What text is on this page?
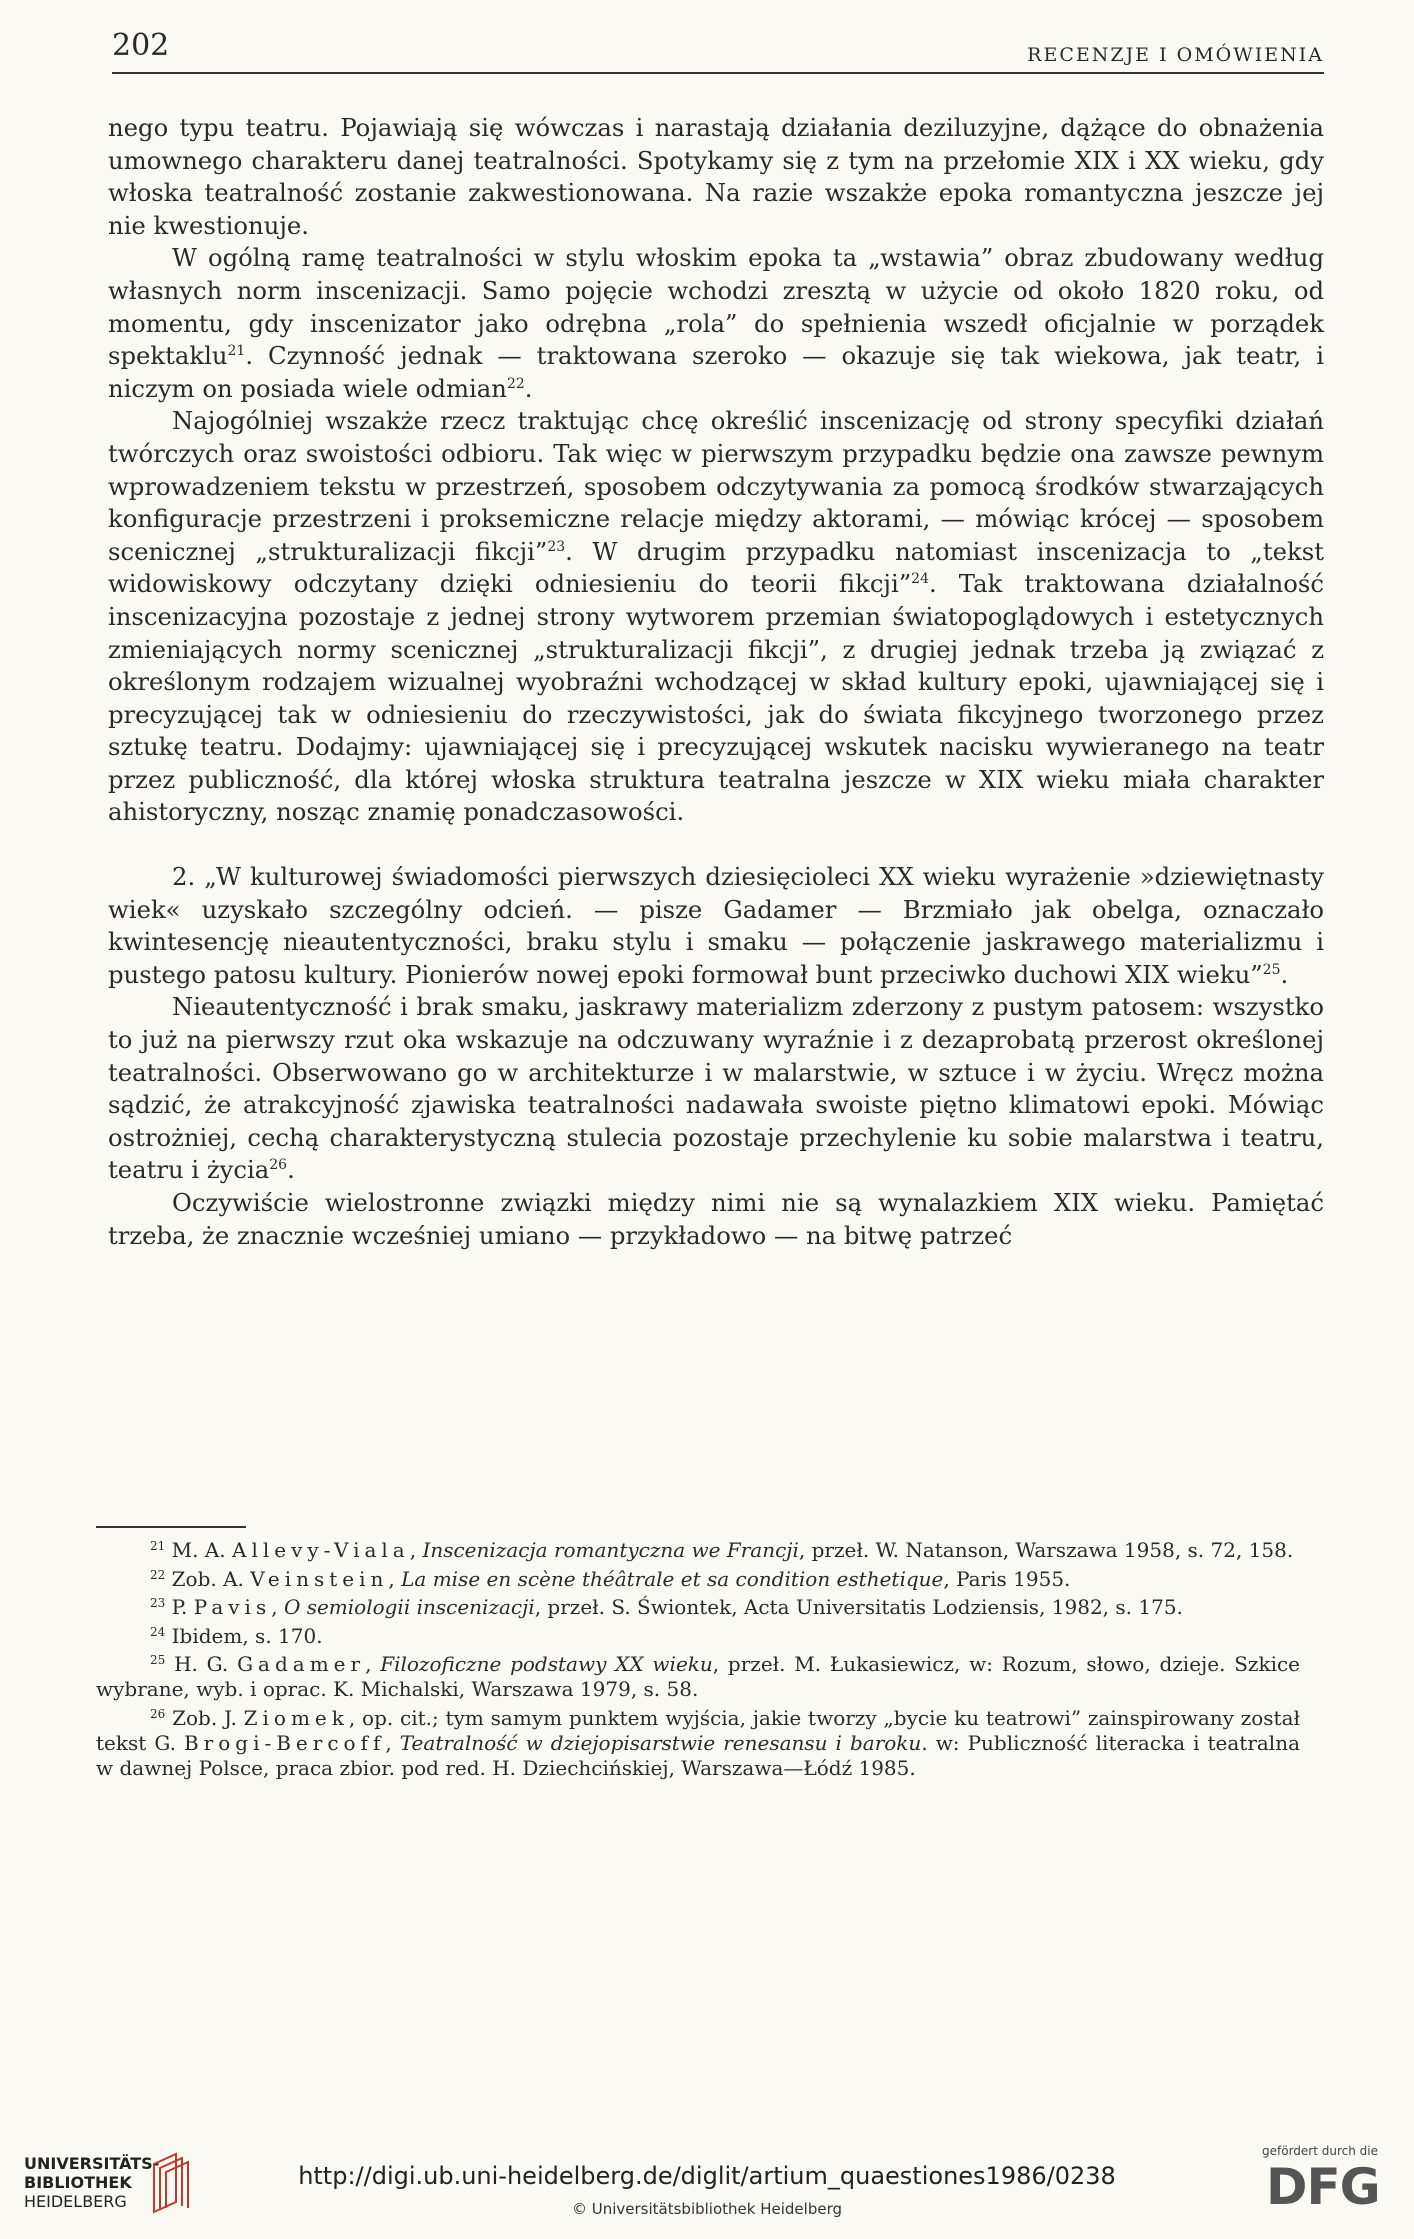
202	RECENZJE I OMÓWIENIA

nego typu teatru. Pojawiają się wówczas i narastają działania deziluzyjne, dążące do obnażenia umownego charakteru danej teatralności. Spotykamy się z tym na przełomie XIX i XX wieku, gdy włoska teatralność zostanie zakwestionowana. Na razie wszakże epoka romantyczna jeszcze jej nie kwestionuje.

W ogólną ramę teatralności w stylu włoskim epoka ta „wstawia” obraz zbudowany według własnych norm inscenizacji. Samo pojęcie wchodzi zresztą w użycie od około 1820 roku, od momentu, gdy inscenizator jako odrębna „rola” do spełnienia wszedł oficjalnie w porządek spektaklu$^{21}$. Czynność jednak — traktowana szeroko — okazuje się tak wiekowa, jak teatr, i niczym on posiada wiele odmian$^{22}$.

Najogólniej wszakże rzecz traktując chcę określić inscenizację od strony specyfiki działań twórczych oraz swoistości odbioru. Tak więc w pierwszym przypadku będzie ona zawsze pewnym wprowadzeniem tekstu w przestrzeń, sposobem odczytywania za pomocą środków stwarzających konfiguracje przestrzeni i proksemiczne relacje między aktorami, — mówiąc krócej — sposobem scenicznej „strukturalizacji fikcji”$^{23}$. W drugim przypadku natomiast inscenizacja to „tekst widowiskowy odczytany dzięki odniesieniu do teorii fikcji”$^{24}$. Tak traktowana działalność inscenizacyjna pozostaje z jednej strony wytworem przemian światopoglądowych i estetycznych zmieniających normy scenicznej „strukturalizacji fikcji”, z drugiej jednak trzeba ją związać z określonym rodzajem wizualnej wyobraźni wchodzącej w skład kultury epoki, ujawniającej się i precyzującej tak w odniesieniu do rzeczywistości, jak do świata fikcyjnego tworzonego przez sztukę teatru. Dodajmy: ujawniającej się i precyzującej wskutek nacisku wywieranego na teatr przez publiczność, dla której włoska struktura teatralna jeszcze w XIX wieku miała charakter ahistoryczny, nosząc znamię ponadczasowości.

2. „W kulturowej świadomości pierwszych dziesięcioleci XX wieku wyrażenie »dziewiętnasty wiek« uzyskało szczególny odcień. — pisze Gadamer — Brzmiało jak obelga, oznaczało kwintesencję nieautentyczności, braku stylu i smaku — połączenie jaskrawego materializmu i pustego patosu kultury. Pionierów nowej epoki formował bunt przeciwko duchowi XIX wieku”$^{25}$.

Nieautentyczność i brak smaku, jaskrawy materializm zderzony z pustym patosem: wszystko to już na pierwszy rzut oka wskazuje na odczuwany wyraźnie i z dezaprobatą przerost określonej teatralności. Obserwowano go w architekturze i w malarstwie, w sztuce i w życiu. Wręcz można sądzić, że atrakcyjność zjawiska teatralności nadawała swoiste piętno klimatowi epoki. Mówiąc ostrożniej, cechą charakterystyczną stulecia pozostaje przechylenie ku sobie malarstwa i teatru, teatru i życia$^{26}$.

Oczywiście wielostronne związki między nimi nie są wynalazkiem XIX wieku. Pamiętać trzeba, że znacznie wcześniej umiano — przykładowo — na bitwę patrzeć

$^{21}$ M. A. Allevy-Viala, Inscenizacja romantyczna we Francji, przeł. W. Natanson, Warszawa 1958, s. 72, 158.

$^{22}$ Zob. A. Veinstein, La mise en scène théâtrale et sa condition esthetique, Paris 1955.

$^{23}$ P. Pavis, O semiologii inscenizacji, przeł. S. Świontek, Acta Universitatis Lodziensis, 1982, s. 175.

$^{24}$ Ibidem, s. 170.

$^{25}$ H. G. Gadamer, Filozoficzne podstawy XX wieku, przeł. M. Łukasiewicz, w: Rozum, słowo, dzieje. Szkice wybrane, wyb. i oprac. K. Michalski, Warszawa 1979, s. 58.

$^{26}$ Zob. J. Ziomek, op. cit.; tym samym punktem wyjścia, jakie tworzy „bycie ku teatrowi” zainspirowany został tekst G. Brogi-Bercoff, Teatralność w dziejopisarstwie renesansu i baroku. w: Publiczność literacka i teatralna w dawnej Polsce, praca zbior. pod red. H. Dziechcińskiej, Warszawa—Łódź 1985.

UNIVERSITÄTS-
BIBLIOTHEK
HEIDELBERG
http://digi.ub.uni-heidelberg.de/diglit/artium_quaestiones1986/0238
© Universitätsbibliothek Heidelberg
gefördert durch die
DFG
